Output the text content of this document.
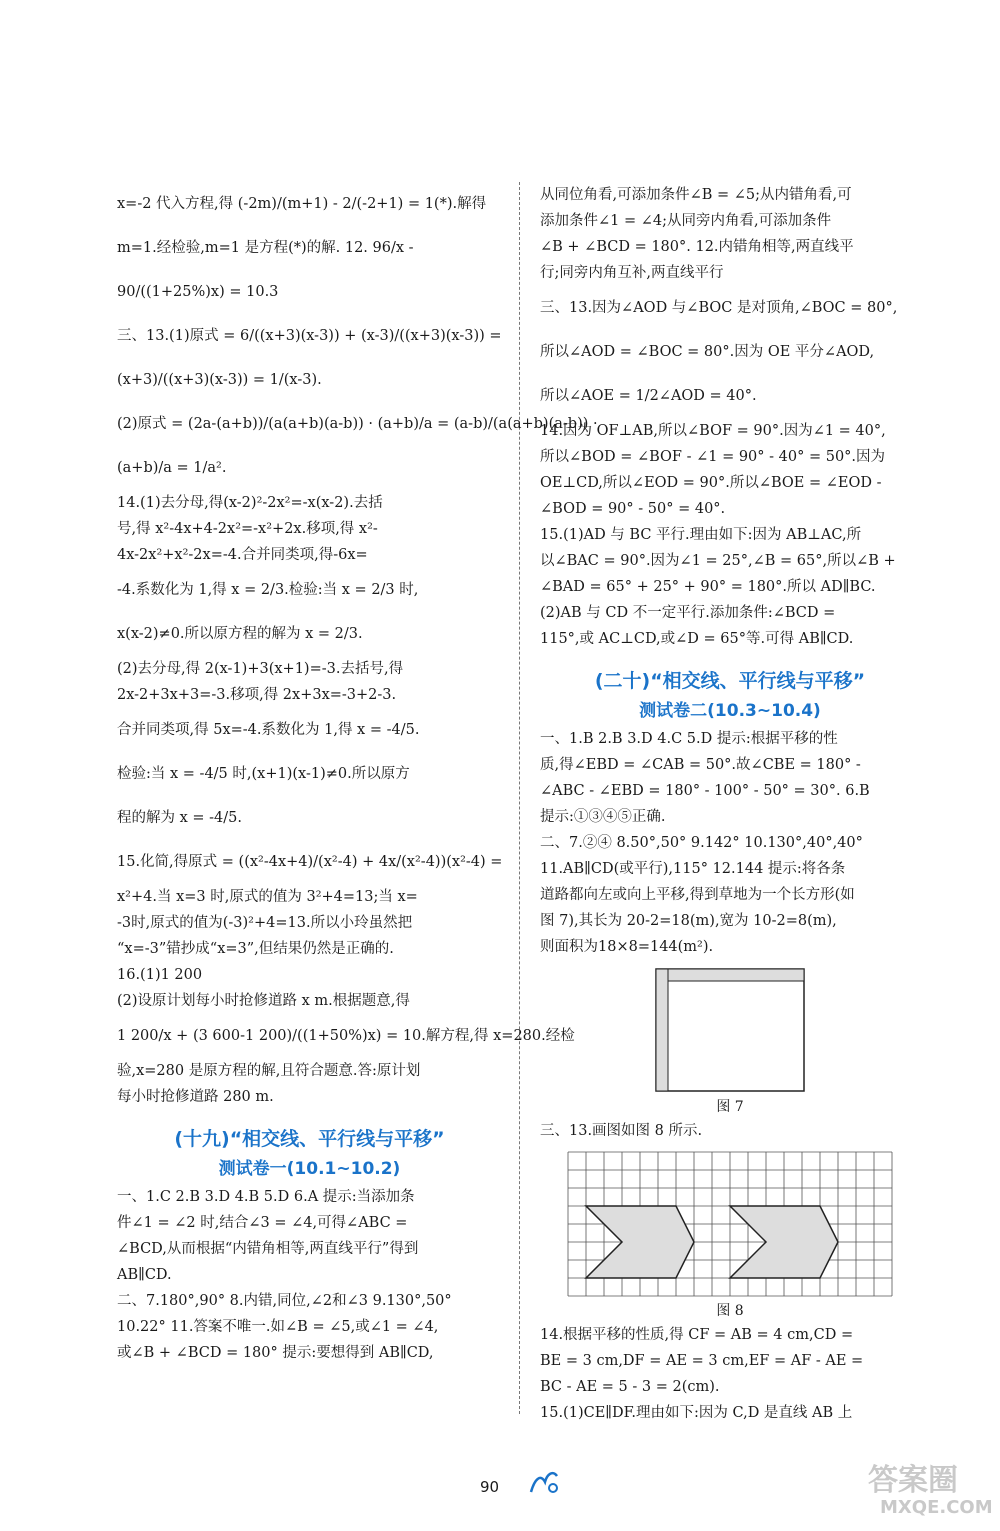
x=-2 代入方程,得 (-2m)/(m+1) - 2/(-2+1) = 1(*).解得
m=1.经检验,m=1 是方程(*)的解. 12. 96/x -
90/((1+25%)x) = 10.3
三、13.(1)原式 = 6/((x+3)(x-3)) + (x-3)/((x+3)(x-3)) =
(x+3)/((x+3)(x-3)) = 1/(x-3).
(2)原式 = (2a-(a+b))/(a(a+b)(a-b)) · (a+b)/a = (a-b)/(a(a+b)(a-b)) ·
(a+b)/a = 1/a².
14.(1)去分母,得(x-2)²-2x²=-x(x-2).去括
号,得 x²-4x+4-2x²=-x²+2x.移项,得 x²-
4x-2x²+x²-2x=-4.合并同类项,得-6x=
-4.系数化为 1,得 x = 2/3.检验:当 x = 2/3 时,
x(x-2)≠0.所以原方程的解为 x = 2/3.
(2)去分母,得 2(x-1)+3(x+1)=-3.去括号,得
2x-2+3x+3=-3.移项,得 2x+3x=-3+2-3.
合并同类项,得 5x=-4.系数化为 1,得 x = -4/5.
检验:当 x = -4/5 时,(x+1)(x-1)≠0.所以原方
程的解为 x = -4/5.
15.化简,得原式 = ((x²-4x+4)/(x²-4) + 4x/(x²-4))(x²-4) =
x²+4.当 x=3 时,原式的值为 3²+4=13;当 x=
-3时,原式的值为(-3)²+4=13.所以小玲虽然把
“x=-3”错抄成“x=3”,但结果仍然是正确的.
16.(1)1 200
(2)设原计划每小时抢修道路 x m.根据题意,得
1 200/x + (3 600-1 200)/((1+50%)x) = 10.解方程,得 x=280.经检
验,x=280 是原方程的解,且符合题意.答:原计划
每小时抢修道路 280 m.
(十九)“相交线、平行线与平移”
测试卷一(10.1~10.2)
一、1.C 2.B 3.D 4.B 5.D 6.A 提示:当添加条
件∠1 = ∠2 时,结合∠3 = ∠4,可得∠ABC =
∠BCD,从而根据“内错角相等,两直线平行”得到
AB∥CD.
二、7.180°,90° 8.内错,同位,∠2和∠3 9.130°,50°
10.22° 11.答案不唯一.如∠B = ∠5,或∠1 = ∠4,
或∠B + ∠BCD = 180° 提示:要想得到 AB∥CD,
从同位角看,可添加条件∠B = ∠5;从内错角看,可
添加条件∠1 = ∠4;从同旁内角看,可添加条件
∠B + ∠BCD = 180°. 12.内错角相等,两直线平
行;同旁内角互补,两直线平行
三、13.因为∠AOD 与∠BOC 是对顶角,∠BOC = 80°,
所以∠AOD = ∠BOC = 80°.因为 OE 平分∠AOD,
所以∠AOE = 1/2∠AOD = 40°.
14.因为 OF⊥AB,所以∠BOF = 90°.因为∠1 = 40°,
所以∠BOD = ∠BOF - ∠1 = 90° - 40° = 50°.因为
OE⊥CD,所以∠EOD = 90°.所以∠BOE = ∠EOD -
∠BOD = 90° - 50° = 40°.
15.(1)AD 与 BC 平行.理由如下:因为 AB⊥AC,所
以∠BAC = 90°.因为∠1 = 25°,∠B = 65°,所以∠B +
∠BAD = 65° + 25° + 90° = 180°.所以 AD∥BC.
(2)AB 与 CD 不一定平行.添加条件:∠BCD =
115°,或 AC⊥CD,或∠D = 65°等.可得 AB∥CD.
(二十)“相交线、平行线与平移”
测试卷二(10.3~10.4)
一、1.B 2.B 3.D 4.C 5.D 提示:根据平移的性
质,得∠EBD = ∠CAB = 50°.故∠CBE = 180° -
∠ABC - ∠EBD = 180° - 100° - 50° = 30°. 6.B
提示:①③④⑤正确.
二、7.②④ 8.50°,50° 9.142° 10.130°,40°,40°
11.AB∥CD(或平行),115° 12.144 提示:将各条
道路都向左或向上平移,得到草地为一个长方形(如
图 7),其长为 20-2=18(m),宽为 10-2=8(m),
则面积为18×8=144(m²).
图 7
三、13.画图如图 8 所示.
图 8
14.根据平移的性质,得 CF = AB = 4 cm,CD =
BE = 3 cm,DF = AE = 3 cm,EF = AF - AE =
BC - AE = 5 - 3 = 2(cm).
15.(1)CE∥DF.理由如下:因为 C,D 是直线 AB 上
90	答案圈
MXQE.COM
